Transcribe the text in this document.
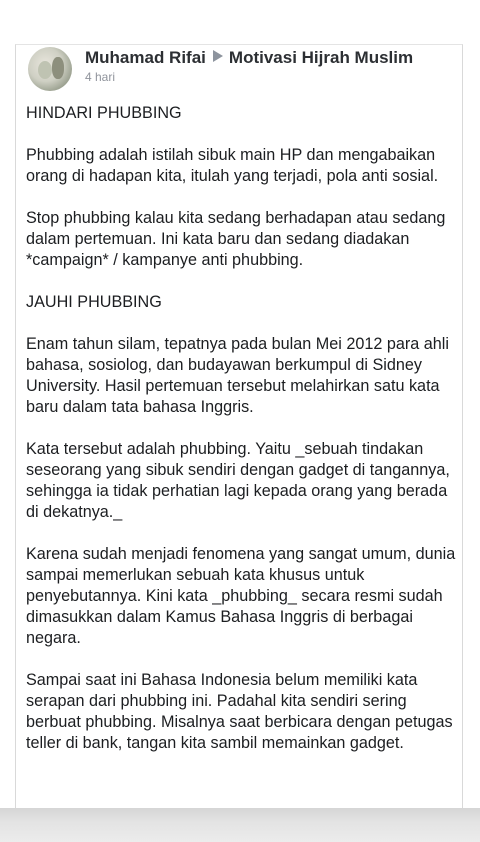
Muhamad Rifai Motivasi Hijrah Muslim
4 hari

HINDARI PHUBBING

Phubbing adalah istilah sibuk main HP dan mengabaikan orang di hadapan kita, itulah yang terjadi, pola anti sosial.

Stop phubbing kalau kita sedang berhadapan atau sedang dalam pertemuan. Ini kata baru dan sedang diadakan *campaign* / kampanye anti phubbing.

JAUHI PHUBBING

Enam tahun silam, tepatnya pada bulan Mei 2012 para ahli bahasa, sosiolog, dan budayawan berkumpul di Sidney University. Hasil pertemuan tersebut melahirkan satu kata baru dalam tata bahasa Inggris.

Kata tersebut adalah phubbing. Yaitu _sebuah tindakan seseorang yang sibuk sendiri dengan gadget di tangannya, sehingga ia tidak perhatian lagi kepada orang yang berada di dekatnya._

Karena sudah menjadi fenomena yang sangat umum, dunia sampai memerlukan sebuah kata khusus untuk penyebutannya. Kini kata _phubbing_ secara resmi sudah dimasukkan dalam Kamus Bahasa Inggris di berbagai negara.

Sampai saat ini Bahasa Indonesia belum memiliki kata serapan dari phubbing ini. Padahal kita sendiri sering berbuat phubbing. Misalnya saat berbicara dengan petugas teller di bank, tangan kita sambil memainkan gadget.
